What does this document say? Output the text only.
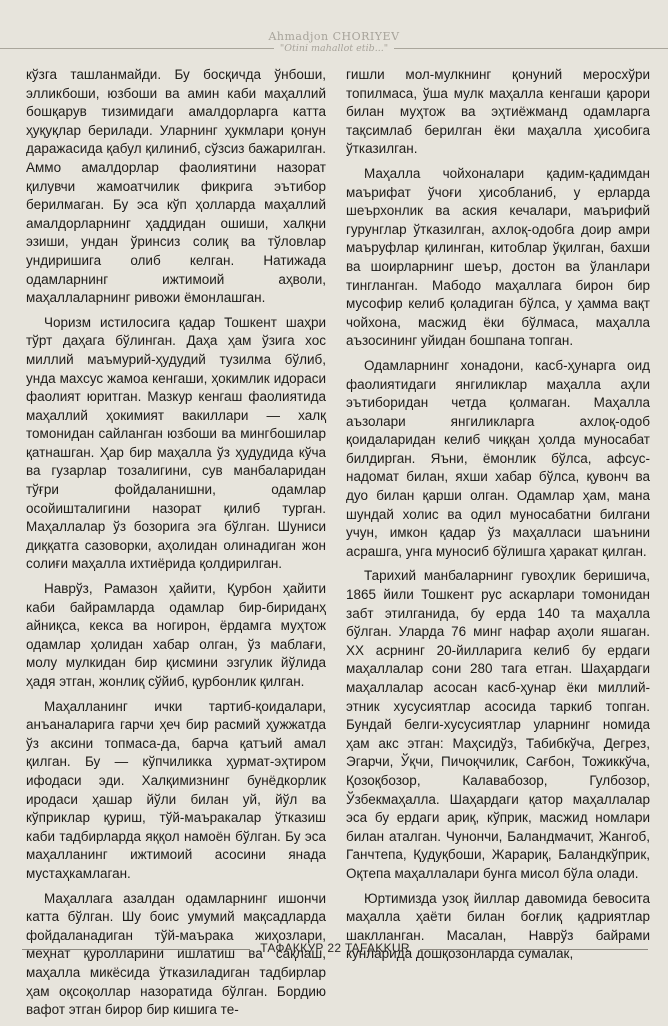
Ahmadjon CHORIYEV
"Otini mahallot etib..."

кўзга ташланмайди. Бу босқичда ўнбоши, элликбоши, юзбоши ва амин каби маҳаллий бошқарув тизимидаги амалдорларга катта ҳуқуқлар берилади. Уларнинг ҳукмлари қонун даражасида қабул қилиниб, сўзсиз бажарилган. Аммо амалдорлар фаолиятини назорат қилувчи жамоатчилик фикрига эътибор берилмаган. Бу эса кўп ҳолларда маҳаллий амалдорларнинг ҳаддидан ошиши, халқни эзиши, ундан ўринсиз солиқ ва тўловлар ундиришига олиб келган. Натижада одамларнинг ижтимоий аҳволи, маҳаллаларнинг ривожи ёмонлашган.

Чоризм истилосига қадар Тошкент шаҳри тўрт даҳага бўлинган. Даҳа ҳам ўзига хос миллий маъмурий-ҳудудий тузилма бўлиб, унда махсус жамоа кенгаши, ҳокимлик идораси фаолият юритган. Мазкур кенгаш фаолиятида маҳаллий ҳокимият вакиллари — халқ томонидан сайланган юзбоши ва мингбошилар қатнашган. Ҳар бир маҳалла ўз ҳудудида кўча ва гузарлар тозалигини, сув манбаларидан тўғри фойдаланишни, одамлар осойишталигини назорат қилиб турган. Маҳаллалар ўз бозорига эга бўлган. Шуниси диққатга сазоворки, аҳолидан олинадиган жон солиғи маҳалла ихтиёрида қолдирилган.

Наврўз, Рамазон ҳайити, Қурбон ҳайити каби байрамларда одамлар бир-бириданҳ айниқса, кекса ва ногирон, ёрдамга муҳтож одамлар ҳолидан хабар олган, ўз маблағи, молу мулкидан бир қисмини эзгулик йўлида ҳадя этган, жонлиқ сўйиб, қурбонлик қилган.

Маҳалланинг ички тартиб-қоидалари, анъаналарига гарчи ҳеч бир расмий ҳужжатда ўз аксини топмаса-да, барча қатъий амал қилган. Бу — кўпчиликка ҳурмат-эҳтиром ифодаси эди. Халқимизнинг бунёдкорлик иродаси ҳашар йўли билан уй, йўл ва кўприклар қуриш, тўй-маъракалар ўтказиш каби тадбирларда яққол намоён бўлган. Бу эса маҳалланинг ижтимоий асосини янада мустаҳкамлаган.

Маҳаллага азалдан одамларнинг ишончи катта бўлган. Шу боис умумий мақсадларда фойдаланадиган тўй-маърака жиҳозлари, меҳнат қуролларини ишлатиш ва сақлаш, маҳалла микёсида ўтказиладиган тадбирлар ҳам оқсоқоллар назоратида бўлган. Бордию вафот этган бирор бир кишига те-

гишли мол-мулкнинг қонуний меросхўри топилмаса, ўша мулк маҳалла кенгаши қарори билан муҳтож ва эҳтиёжманд одамларга тақсимлаб берилган ёки маҳалла ҳисобига ўтказилган.

Маҳалла чойхоналари қадим-қадимдан маърифат ўчоғи ҳисобланиб, у ерларда шеърхонлик ва аския кечалари, маърифий гурунглар ўтказилган, ахлоқ-одобга доир амри маъруфлар қилинган, китоблар ўқилган, бахши ва шоирларнинг шеър, достон ва ўланлари тингланган. Мабодо маҳаллага бирон бир мусофир келиб қоладиган бўлса, у ҳамма вақт чойхона, масжид ёки бўлмаса, маҳалла аъзосининг уйидан бошпана топган.

Одамларнинг хонадони, касб-ҳунарга оид фаолиятидаги янгиликлар маҳалла аҳли эътиборидан четда қолмаган. Маҳалла аъзолари янгиликларга ахлоқ-одоб қоидаларидан келиб чиққан ҳолда муносабат билдирган. Яъни, ёмонлик бўлса, афсус-надомат билан, яхши хабар бўлса, қувонч ва дуо билан қарши олган. Одамлар ҳам, мана шундай холис ва одил муносабатни билгани учун, имкон қадар ўз маҳалласи шаънини асрашга, унга муносиб бўлишга ҳаракат қилган.

Тарихий манбаларнинг гувоҳлик беришича, 1865 йили Тошкент рус аскарлари томонидан забт этилганида, бу ерда 140 та маҳалла бўлган. Уларда 76 минг нафар аҳоли яшаган. XX асрнинг 20-йилларига келиб бу ердаги маҳаллалар сони 280 тага етган. Шаҳардаги маҳаллалар асосан касб-ҳунар ёки миллий-этник хусусиятлар асосида таркиб топган. Бундай белги-хусусиятлар уларнинг номида ҳам акс этган: Маҳсидўз, Табибкўча, Дегрез, Эгарчи, Ўқчи, Пичоқчилик, Сағбон, Тожиккўча, Қозоқбозор, Калавабозор, Гулбозор, Ўзбекмаҳалла. Шаҳардаги қатор маҳаллалар эса бу ердаги ариқ, кўприк, масжид номлари билан аталган. Чунончи, Баландмачит, Жангоб, Ганчтепа, Қудуқбоши, Жарариқ, Баландкўприк, Оқтепа маҳаллалари бунга мисол бўла олади.

Юртимизда узоқ йиллар давомида бевосита маҳалла ҳаёти билан боғлиқ қадриятлар шаклланган. Масалан, Наврўз байрами кунларида дошқозонларда сумалак,

ТАФАККУР 22 TAFAKKUR
